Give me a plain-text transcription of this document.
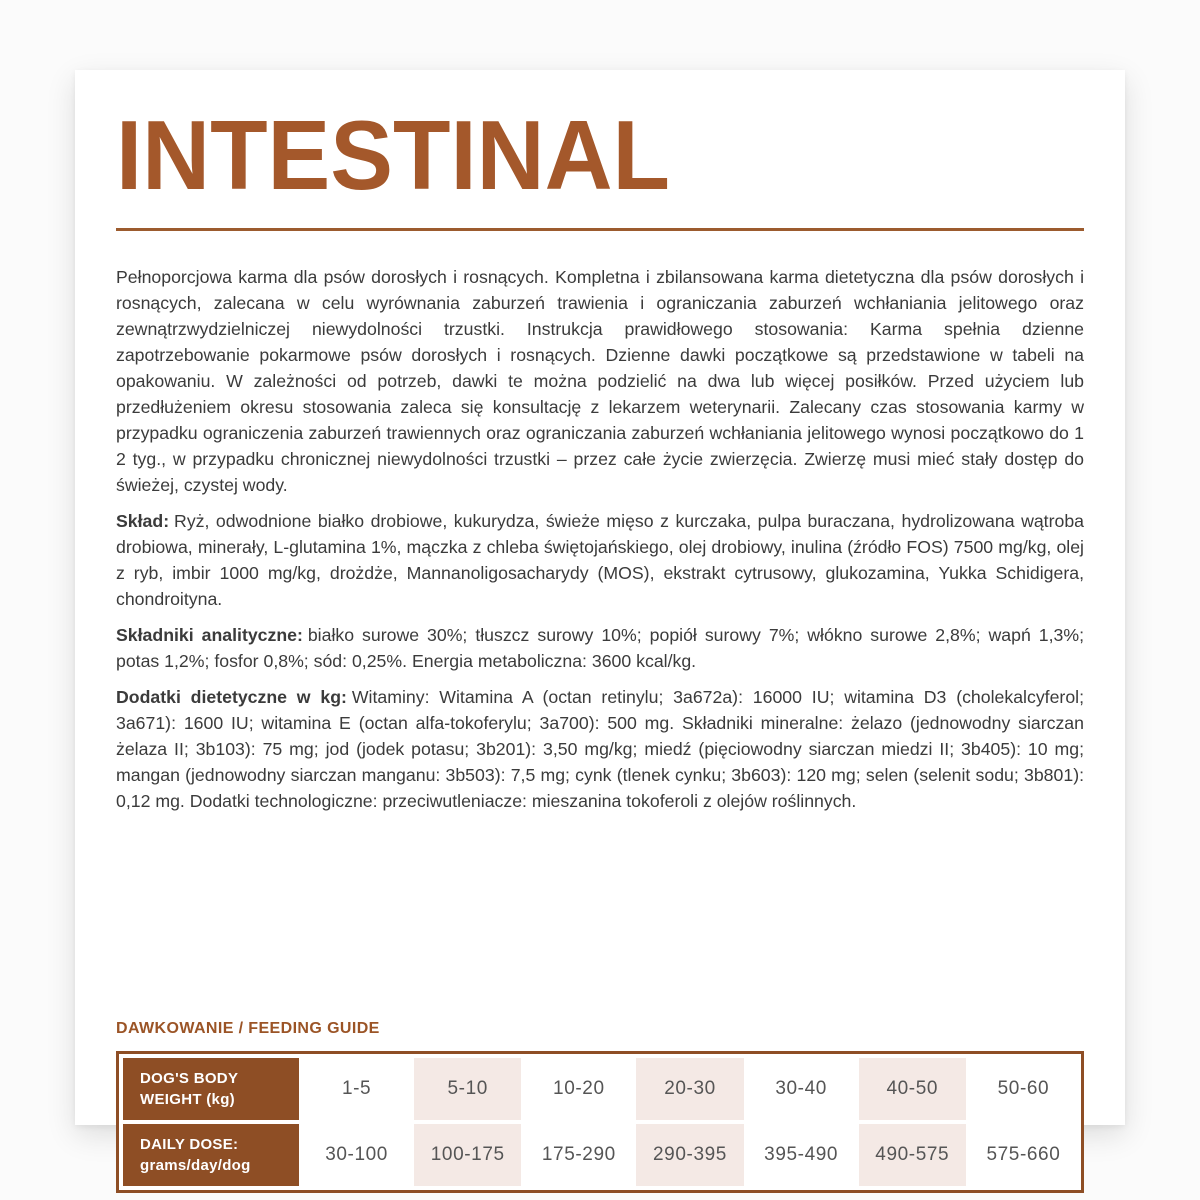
INTESTINAL

Pełnoporcjowa karma dla psów dorosłych i rosnących. Kompletna i zbilansowana karma dietetyczna dla psów dorosłych i rosnących, zalecana w celu wyrównania zaburzeń trawienia i ograniczania zaburzeń wchłaniania jelitowego oraz zewnątrzwydzielniczej niewydolności trzustki. Instrukcja prawidłowego stosowania: Karma spełnia dzienne zapotrzebowanie pokarmowe psów dorosłych i rosnących. Dzienne dawki początkowe są przedstawione w tabeli na opakowaniu. W zależności od potrzeb, dawki te można podzielić na dwa lub więcej posiłków. Przed użyciem lub przedłużeniem okresu stosowania zaleca się konsultację z lekarzem weterynarii. Zalecany czas stosowania karmy w przypadku ograniczenia zaburzeń trawiennych oraz ograniczania zaburzeń wchłaniania jelitowego wynosi początkowo do 1 2 tyg., w przypadku chronicznej niewydolności trzustki – przez całe życie zwierzęcia. Zwierzę musi mieć stały dostęp do świeżej, czystej wody.

Skład: Ryż, odwodnione białko drobiowe, kukurydza, świeże mięso z kurczaka, pulpa buraczana, hydrolizowana wątroba drobiowa, minerały, L-glutamina 1%, mączka z chleba świętojańskiego, olej drobiowy, inulina (źródło FOS) 7500 mg/kg, olej z ryb, imbir 1000 mg/kg, drożdże, Mannanoligosacharydy (MOS), ekstrakt cytrusowy, glukozamina, Yukka Schidigera, chondroityna.

Składniki analityczne: białko surowe 30%; tłuszcz surowy 10%; popiół surowy 7%; włókno surowe 2,8%; wapń 1,3%; potas 1,2%; fosfor 0,8%; sód: 0,25%. Energia metaboliczna: 3600 kcal/kg.

Dodatki dietetyczne w kg: Witaminy: Witamina A (octan retinylu; 3a672a): 16000 IU; witamina D3 (cholekalcyferol; 3a671): 1600 IU; witamina E (octan alfa-tokoferylu; 3a700): 500 mg. Składniki mineralne: żelazo (jednowodny siarczan żelaza II; 3b103): 75 mg; jod (jodek potasu; 3b201): 3,50 mg/kg; miedź (pięciowodny siarczan miedzi II; 3b405): 10 mg; mangan (jednowodny siarczan manganu: 3b503): 7,5 mg; cynk (tlenek cynku; 3b603): 120 mg; selen (selenit sodu; 3b801): 0,12 mg. Dodatki technologiczne: przeciwutleniacze: mieszanina tokoferoli z olejów roślinnych.

DAWKOWANIE / FEEDING GUIDE
DOG'S BODY
WEIGHT (kg)
1-5	5-10	10-20	20-30	30-40	40-50	50-60
DAILY DOSE:
grams/day/dog
30-100	100-175	175-290	290-395	395-490	490-575	575-660
